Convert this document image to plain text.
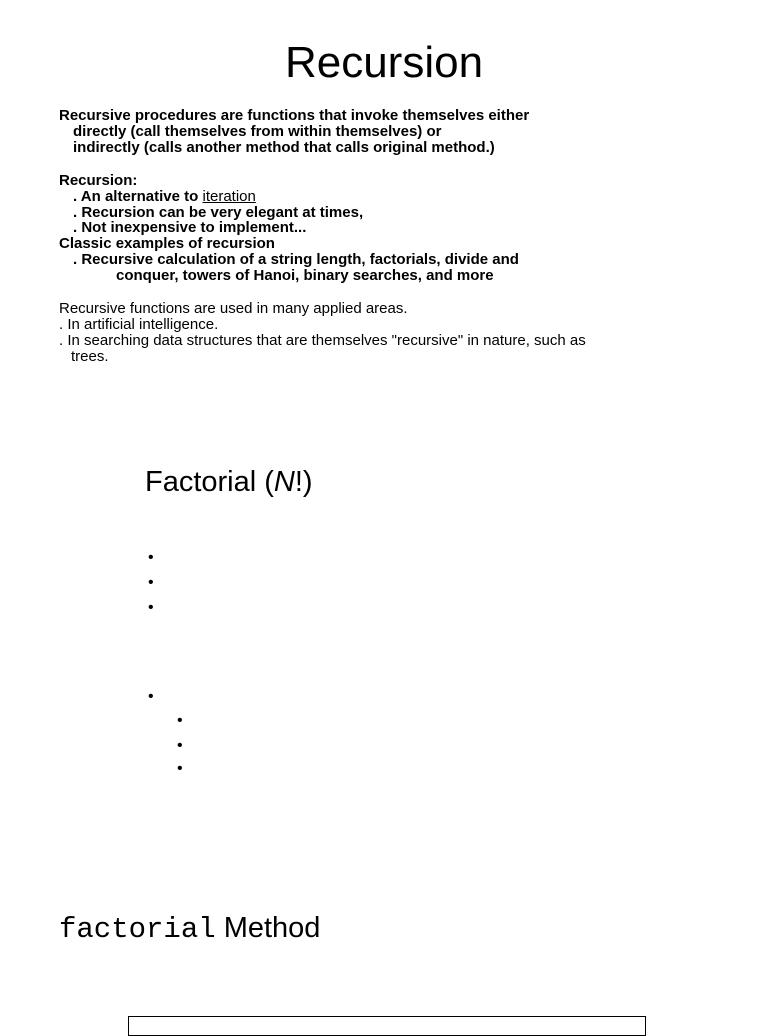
Recursion
Recursive procedures are functions that invoke themselves either
directly (call themselves from within themselves) or
indirectly (calls another method that calls original method.)
Recursion:
. An alternative to iteration
. Recursion can be very elegant at times,
. Not inexpensive to implement...
Classic examples of recursion
. Recursive calculation of a string length, factorials, divide and
conquer, towers of Hanoi, binary searches, and more
Recursive functions are used in many applied areas.
. In artificial intelligence.
. In searching data structures that are themselves "recursive" in nature, such as
trees.
Factorial (N!)
•
•
•
•
•
•
•
factorial Method
